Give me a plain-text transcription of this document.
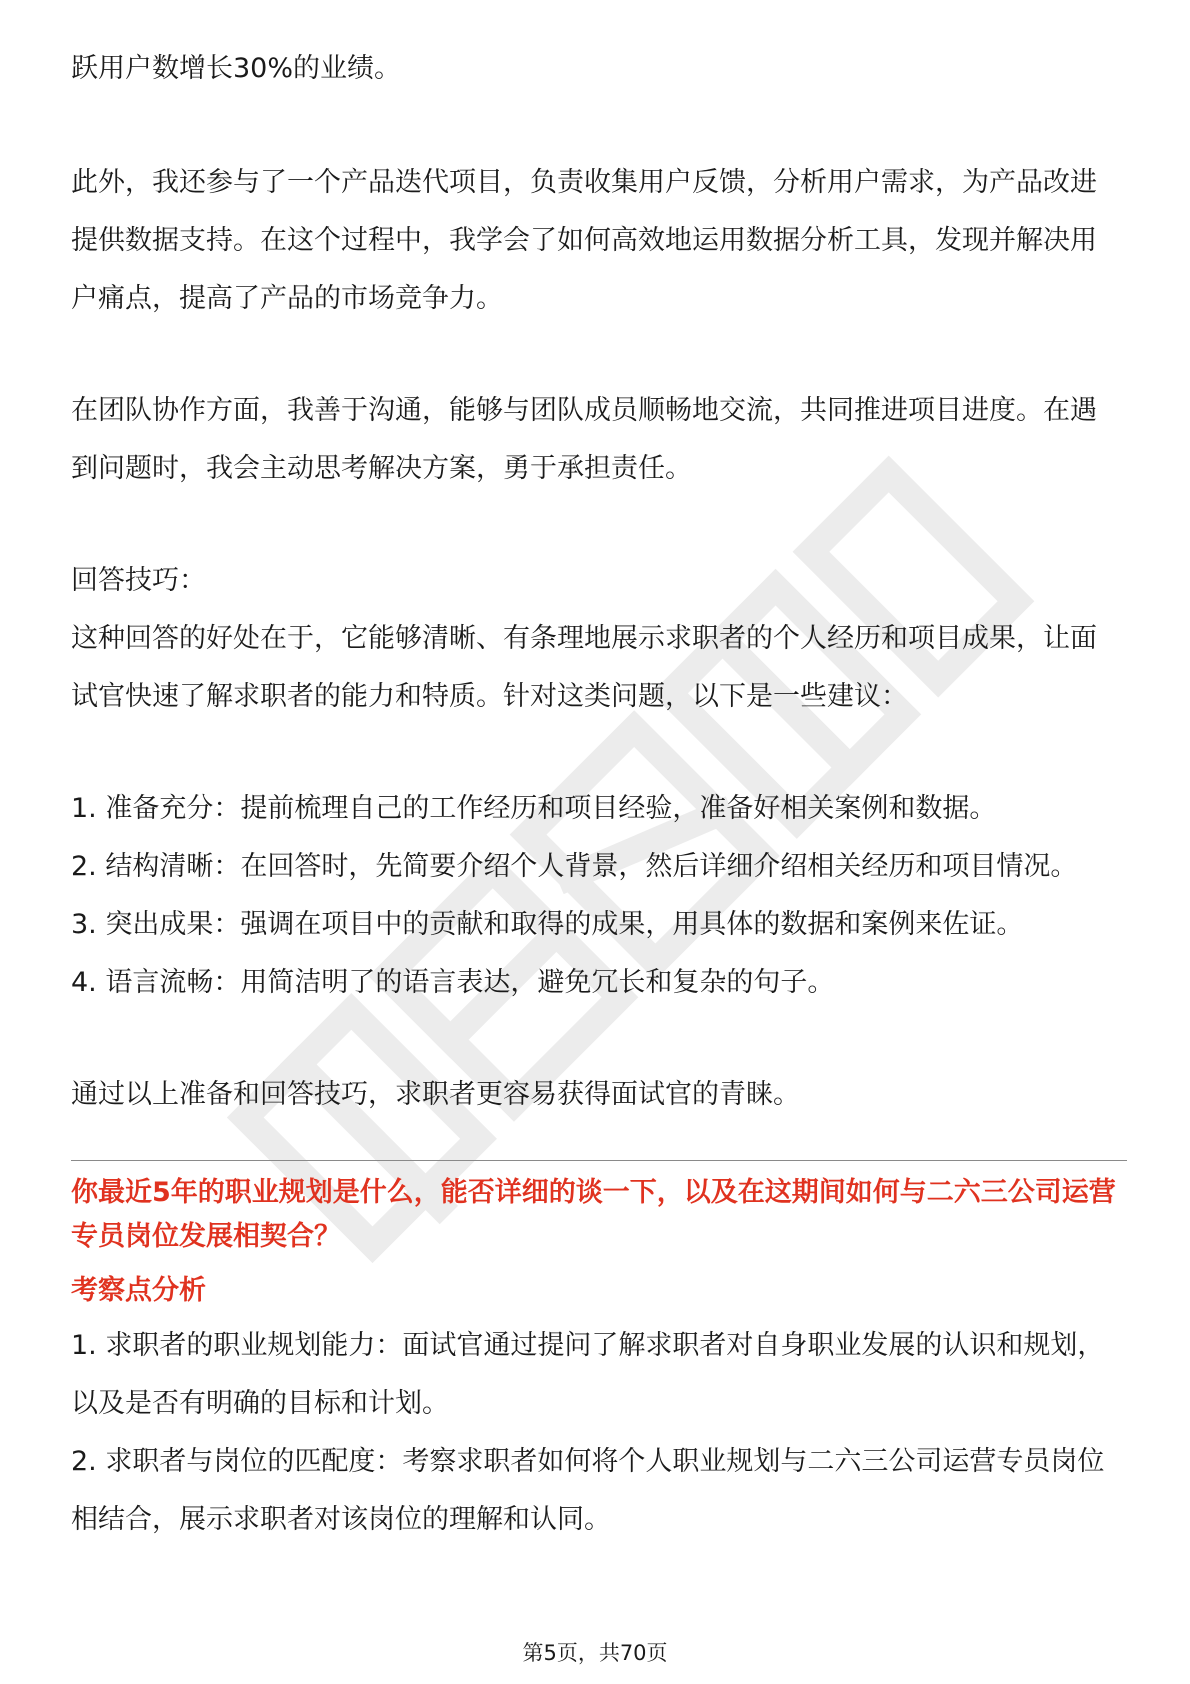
跃用户数增长30%的业绩。

此外，我还参与了一个产品迭代项目，负责收集用户反馈，分析用户需求，为产品改进提供数据支持。在这个过程中，我学会了如何高效地运用数据分析工具，发现并解决用户痛点，提高了产品的市场竞争力。

在团队协作方面，我善于沟通，能够与团队成员顺畅地交流，共同推进项目进度。在遇到问题时，我会主动思考解决方案，勇于承担责任。

回答技巧：

这种回答的好处在于，它能够清晰、有条理地展示求职者的个人经历和项目成果，让面试官快速了解求职者的能力和特质。针对这类问题，以下是一些建议：

1. 准备充分：提前梳理自己的工作经历和项目经验，准备好相关案例和数据。

2. 结构清晰：在回答时，先简要介绍个人背景，然后详细介绍相关经历和项目情况。

3. 突出成果：强调在项目中的贡献和取得的成果，用具体的数据和案例来佐证。

4. 语言流畅：用简洁明了的语言表达，避免冗长和复杂的句子。

通过以上准备和回答技巧，求职者更容易获得面试官的青睐。

你最近5年的职业规划是什么，能否详细的谈一下，以及在这期间如何与二六三公司运营专员岗位发展相契合？

考察点分析

1. 求职者的职业规划能力：面试官通过提问了解求职者对自身职业发展的认识和规划，以及是否有明确的目标和计划。

2. 求职者与岗位的匹配度：考察求职者如何将个人职业规划与二六三公司运营专员岗位相结合，展示求职者对该岗位的理解和认同。

第5页，共70页
